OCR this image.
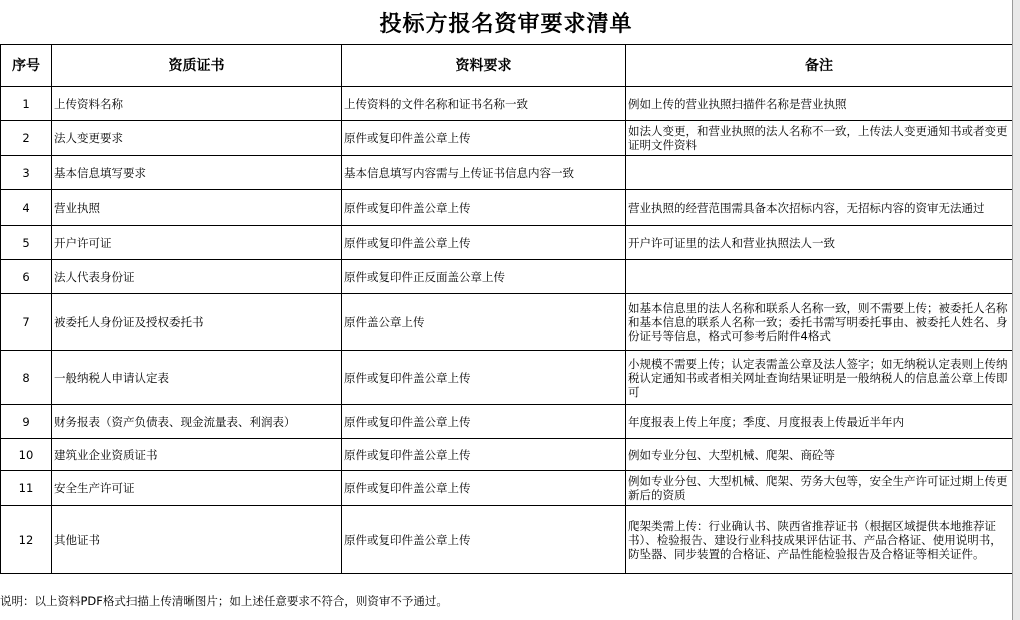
投标方报名资审要求清单
序号	资质证书	资料要求	备注
1	上传资料名称	上传资料的文件名称和证书名称一致	例如上传的营业执照扫描件名称是营业执照
2	法人变更要求	原件或复印件盖公章上传	如法人变更，和营业执照的法人名称不一致，上传法人变更通知书或者变更证明文件资料
3	基本信息填写要求	基本信息填写内容需与上传证书信息内容一致	
4	营业执照	原件或复印件盖公章上传	营业执照的经营范围需具备本次招标内容，无招标内容的资审无法通过
5	开户许可证	原件或复印件盖公章上传	开户许可证里的法人和营业执照法人一致
6	法人代表身份证	原件或复印件正反面盖公章上传	
7	被委托人身份证及授权委托书	原件盖公章上传	如基本信息里的法人名称和联系人名称一致，则不需要上传；被委托人名称和基本信息的联系人名称一致；委托书需写明委托事由、被委托人姓名、身份证号等信息，格式可参考后附件4格式
8	一般纳税人申请认定表	原件或复印件盖公章上传	小规模不需要上传；认定表需盖公章及法人签字；如无纳税认定表则上传纳税认定通知书或者相关网址查询结果证明是一般纳税人的信息盖公章上传即可
9	财务报表（资产负债表、现金流量表、利润表）	原件或复印件盖公章上传	年度报表上传上年度；季度、月度报表上传最近半年内
10	建筑业企业资质证书	原件或复印件盖公章上传	例如专业分包、大型机械、爬架、商砼等
11	安全生产许可证	原件或复印件盖公章上传	例如专业分包、大型机械、爬架、劳务大包等，安全生产许可证过期上传更新后的资质
12	其他证书	原件或复印件盖公章上传	爬架类需上传：行业确认书、陕西省推荐证书（根据区域提供本地推荐证书）、检验报告、建设行业科技成果评估证书、产品合格证、使用说明书，防坠器、同步装置的合格证、产品性能检验报告及合格证等相关证件。
说明：以上资料PDF格式扫描上传清晰图片；如上述任意要求不符合，则资审不予通过。
